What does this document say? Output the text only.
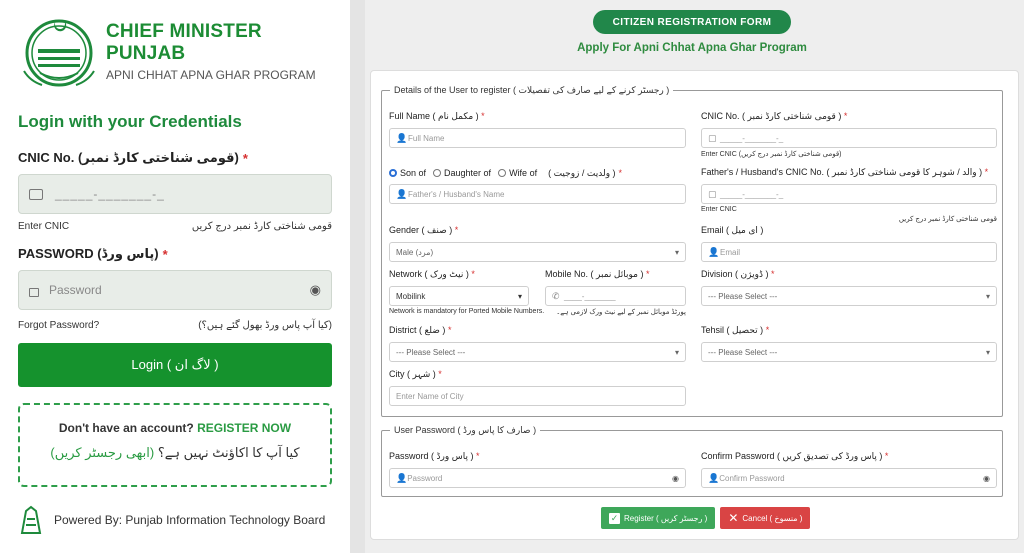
CHIEF MINISTER PUNJAB
APNI CHHAT APNA GHAR PROGRAM
Login with your Credentials
CNIC No. (قومی شناختی کارڈ نمبر) *
_____-_______-_
Enter CNIC	قومی شناختی کارڈ نمبر درج کریں
PASSWORD (پاس ورڈ) *
Password	◉
Forgot Password?	(کیا آپ پاس ورڈ بھول گئے ہیں؟)
Login ( لاگ ان )
Don't have an account? REGISTER NOW
کیا آپ کا اکاؤنٹ نہیں ہے؟ (ابھی رجسٹر کریں)
Powered By: Punjab Information Technology Board
CITIZEN REGISTRATION FORM
Apply For Apni Chhat Apna Ghar Program
Details of the User to register ( رجسٹر کرنے کے لیے صارف کی تفصیلات )
Full Name ( مکمل نام ) *
👤 Full Name
CNIC No. ( قومی شناختی کارڈ نمبر ) *
▢ _____-_______-_
Enter CNIC (قومی شناختی کارڈ نمبر درج کریں)
Son of Daughter of Wife of ( ولدیت / زوجیت ) *
👤 Father's / Husband's Name
Father's / Husband's CNIC No. ( والد / شوہر کا قومی شناختی کارڈ نمبر ) *
▢ _____-_______-_
Enter CNIC
قومی شناختی کارڈ نمبر درج کریں
Gender ( صنف ) *
Male (مرد)	▾
Email ( ای میل )
👤 Email
Network ( نیٹ ورک ) *
Mobilink	▾
Mobile No. ( موبائل نمبر ) *
✆ ____-_______
Network is mandatory for Ported Mobile Numbers. پورٹڈ موبائل نمبر کے لیے نیٹ ورک لازمی ہے۔
Division ( ڈویژن ) *
--- Please Select ---	▾
District ( ضلع ) *
--- Please Select ---	▾
Tehsil ( تحصیل ) *
--- Please Select ---	▾
City ( شہر ) *
Enter Name of City
User Password ( صارف کا پاس ورڈ )
Password ( پاس ورڈ ) *
👤Password	◉
Confirm Password ( پاس ورڈ کی تصدیق کریں ) *
👤Confirm Password	◉
✓ Register ( رجسٹر کریں ) ✕ Cancel ( منسوخ )
